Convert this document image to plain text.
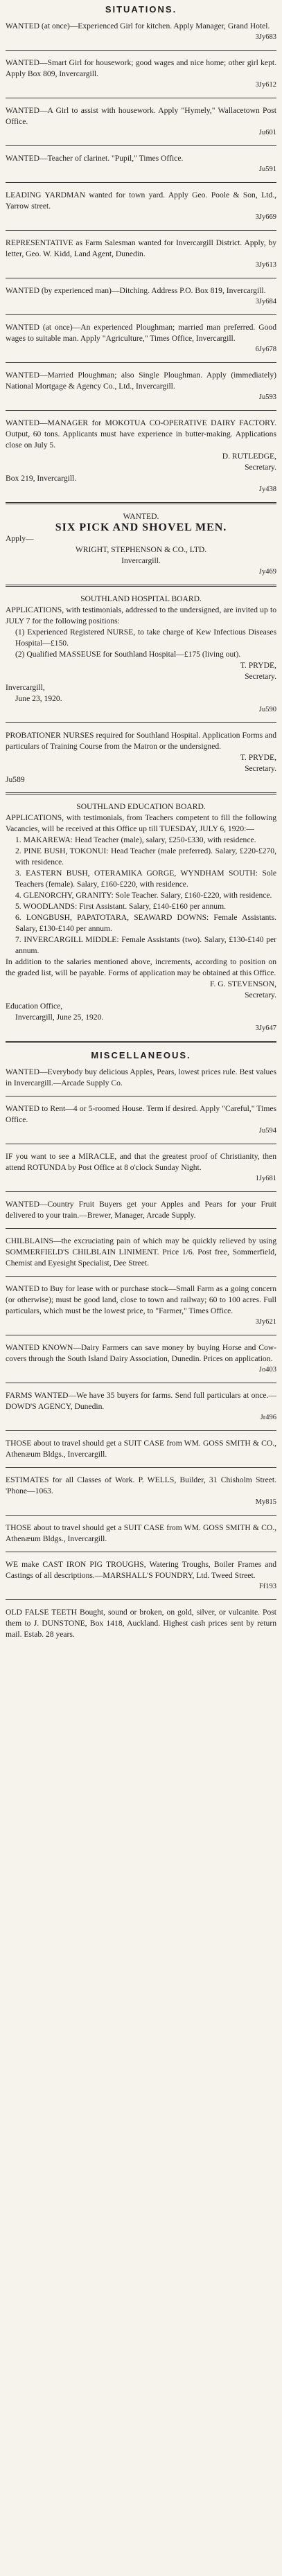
SITUATIONS.

WANTED (at once)—Experienced Girl for kitchen. Apply Manager, Grand Hotel.

3Jy683

WANTED—Smart Girl for housework; good wages and nice home; other girl kept. Apply Box 809, Invercargill.

3Jy612

WANTED—A Girl to assist with housework. Apply "Hymely," Wallacetown Post Office.

Ju601

WANTED—Teacher of clarinet. "Pupil," Times Office.

Ju591

LEADING YARDMAN wanted for town yard. Apply Geo. Poole & Son, Ltd., Yarrow street.

3Jy669

REPRESENTATIVE as Farm Salesman wanted for Invercargill District. Apply, by letter, Geo. W. Kidd, Land Agent, Dunedin.

3Jy613

WANTED (by experienced man)—Ditching. Address P.O. Box 819, Invercargill.

3Jy684

WANTED (at once)—An experienced Ploughman; married man preferred. Good wages to suitable man. Apply "Agriculture," Times Office, Invercargill.

6Jy678

WANTED—Married Ploughman; also Single Ploughman. Apply (immediately) National Mortgage & Agency Co., Ltd., Invercargill.

Ju593

WANTED—MANAGER for MOKOTUA CO-OPERATIVE DAIRY FACTORY. Output, 60 tons. Applicants must have experience in butter-making. Applications close on July 5.

D. RUTLEDGE,

Secretary.

Box 219, Invercargill.

Jy438

WANTED.

SIX PICK AND SHOVEL MEN.

Apply—

WRIGHT, STEPHENSON & CO., LTD.

Invercargill.

Jy469

SOUTHLAND HOSPITAL BOARD.

APPLICATIONS, with testimonials, addressed to the undersigned, are invited up to JULY 7 for the following positions:

(1) Experienced Registered NURSE, to take charge of Kew Infectious Diseases Hospital—£150.

(2) Qualified MASSEUSE for Southland Hospital—£175 (living out).

T. PRYDE,

Secretary.

Invercargill,

June 23, 1920.

Ju590

PROBATIONER NURSES required for Southland Hospital. Application Forms and particulars of Training Course from the Matron or the undersigned.

T. PRYDE,

Secretary.

Ju589

SOUTHLAND EDUCATION BOARD.

APPLICATIONS, with testimonials, from Teachers competent to fill the following Vacancies, will be received at this Office up till TUESDAY, JULY 6, 1920:—

1. MAKAREWA: Head Teacher (male), salary, £250-£330, with residence.

2. PINE BUSH, TOKONUI: Head Teacher (male preferred). Salary, £220-£270, with residence.

3. EASTERN BUSH, OTERAMIKA GORGE, WYNDHAM SOUTH: Sole Teachers (female). Salary, £160-£220, with residence.

4. GLENORCHY, GRANITY: Sole Teacher. Salary, £160-£220, with residence.

5. WOODLANDS: First Assistant. Salary, £140-£160 per annum.

6. LONGBUSH, PAPATOTARA, SEAWARD DOWNS: Female Assistants. Salary, £130-£140 per annum.

7. INVERCARGILL MIDDLE: Female Assistants (two). Salary, £130-£140 per annum.

In addition to the salaries mentioned above, increments, according to position on the graded list, will be payable. Forms of application may be obtained at this Office.

F. G. STEVENSON,

Secretary.

Education Office,

Invercargill, June 25, 1920.

3Jy647

MISCELLANEOUS.

WANTED—Everybody buy delicious Apples, Pears, lowest prices rule. Best values in Invercargill.—Arcade Supply Co.

WANTED to Rent—4 or 5-roomed House. Term if desired. Apply "Careful," Times Office.

Ju594

IF you want to see a MIRACLE, and that the greatest proof of Christianity, then attend ROTUNDA by Post Office at 8 o'clock Sunday Night.

1Jy681

WANTED—Country Fruit Buyers get your Apples and Pears for your Fruit delivered to your train.—Brewer, Manager, Arcade Supply.

CHILBLAINS—the excruciating pain of which may be quickly relieved by using SOMMERFIELD'S CHILBLAIN LINIMENT. Price 1/6. Post free, Sommerfield, Chemist and Eyesight Specialist, Dee Street.

WANTED to Buy for lease with or purchase stock—Small Farm as a going concern (or otherwise); must be good land, close to town and railway; 60 to 100 acres. Full particulars, which must be the lowest price, to "Farmer," Times Office.

3Jy621

WANTED KNOWN—Dairy Farmers can save money by buying Horse and Cow-covers through the South Island Dairy Association, Dunedin. Prices on application.

Jo403

FARMS WANTED—We have 35 buyers for farms. Send full particulars at once.—DOWD'S AGENCY, Dunedin.

Jr496

THOSE about to travel should get a SUIT CASE from WM. GOSS SMITH & CO., Athenæum Bldgs., Invercargill.

ESTIMATES for all Classes of Work. P. WELLS, Builder, 31 Chisholm Street. 'Phone—1063.

My815

THOSE about to travel should get a SUIT CASE from WM. GOSS SMITH & CO., Athenæum Bldgs., Invercargill.

WE make CAST IRON PIG TROUGHS, Watering Troughs, Boiler Frames and Castings of all descriptions.—MARSHALL'S FOUNDRY, Ltd. Tweed Street.

Ff193

OLD FALSE TEETH Bought, sound or broken, on gold, silver, or vulcanite. Post them to J. DUNSTONE, Box 1418, Auckland. Highest cash prices sent by return mail. Estab. 28 years.
